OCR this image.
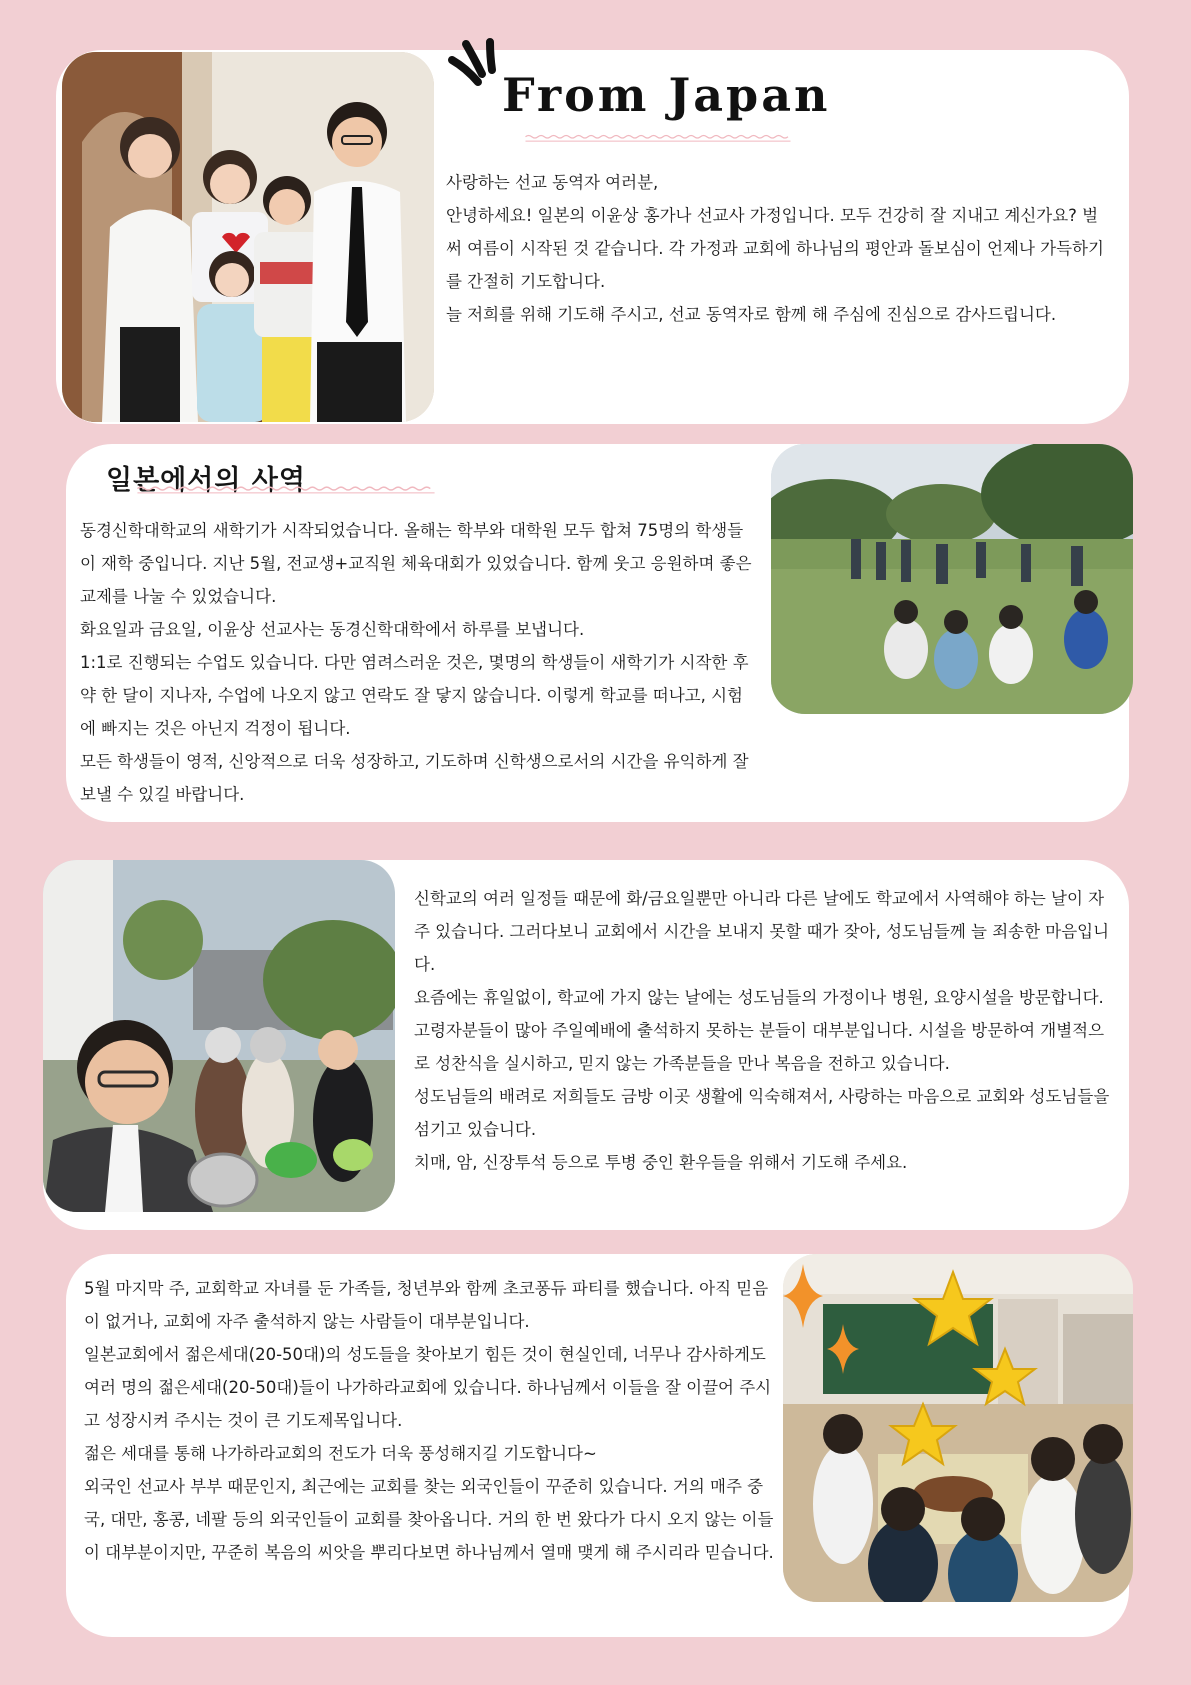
From Japan

사랑하는 선교 동역자 여러분,

안녕하세요! 일본의 이윤상 홍가나 선교사 가정입니다. 모두 건강히 잘 지내고 계신가요? 벌써 여름이 시작된 것 같습니다. 각 가정과 교회에 하나님의 평안과 돌보심이 언제나 가득하기를 간절히 기도합니다.

늘 저희를 위해 기도해 주시고, 선교 동역자로 함께 해 주심에 진심으로 감사드립니다.

일본에서의 사역

동경신학대학교의 새학기가 시작되었습니다. 올해는 학부와 대학원 모두 합쳐 75명의 학생들이 재학 중입니다. 지난 5월, 전교생+교직원 체육대회가 있었습니다. 함께 웃고 응원하며 좋은 교제를 나눌 수 있었습니다.

화요일과 금요일, 이윤상 선교사는 동경신학대학에서 하루를 보냅니다.

1:1로 진행되는 수업도 있습니다. 다만 염려스러운 것은, 몇명의 학생들이 새학기가 시작한 후 약 한 달이 지나자, 수업에 나오지 않고 연락도 잘 닿지 않습니다. 이렇게 학교를 떠나고, 시험에 빠지는 것은 아닌지 걱정이 됩니다.

모든 학생들이 영적, 신앙적으로 더욱 성장하고, 기도하며 신학생으로서의 시간을 유익하게 잘 보낼 수 있길 바랍니다.

신학교의 여러 일정들 때문에 화/금요일뿐만 아니라 다른 날에도 학교에서 사역해야 하는 날이 자주 있습니다. 그러다보니 교회에서 시간을 보내지 못할 때가 잦아, 성도님들께 늘 죄송한 마음입니다.

요즘에는 휴일없이, 학교에 가지 않는 날에는 성도님들의 가정이나 병원, 요양시설을 방문합니다. 고령자분들이 많아 주일예배에 출석하지 못하는 분들이 대부분입니다. 시설을 방문하여 개별적으로 성찬식을 실시하고, 믿지 않는 가족분들을 만나 복음을 전하고 있습니다.

성도님들의 배려로 저희들도 금방 이곳 생활에 익숙해져서, 사랑하는 마음으로 교회와 성도님들을 섬기고 있습니다.

치매, 암, 신장투석 등으로 투병 중인 환우들을 위해서 기도해 주세요.

5월 마지막 주, 교회학교 자녀를 둔 가족들, 청년부와 함께 초코퐁듀 파티를 했습니다. 아직 믿음이 없거나, 교회에 자주 출석하지 않는 사람들이 대부분입니다.

일본교회에서 젊은세대(20-50대)의 성도들을 찾아보기 힘든 것이 현실인데, 너무나 감사하게도 여러 명의 젊은세대(20-50대)들이 나가하라교회에 있습니다. 하나님께서 이들을 잘 이끌어 주시고 성장시켜 주시는 것이 큰 기도제목입니다.

젊은 세대를 통해 나가하라교회의 전도가 더욱 풍성해지길 기도합니다~

외국인 선교사 부부 때문인지, 최근에는 교회를 찾는 외국인들이 꾸준히 있습니다. 거의 매주 중국, 대만, 홍콩, 네팔 등의 외국인들이 교회를 찾아옵니다. 거의 한 번 왔다가 다시 오지 않는 이들이 대부분이지만, 꾸준히 복음의 씨앗을 뿌리다보면 하나님께서 열매 맺게 해 주시리라 믿습니다.
